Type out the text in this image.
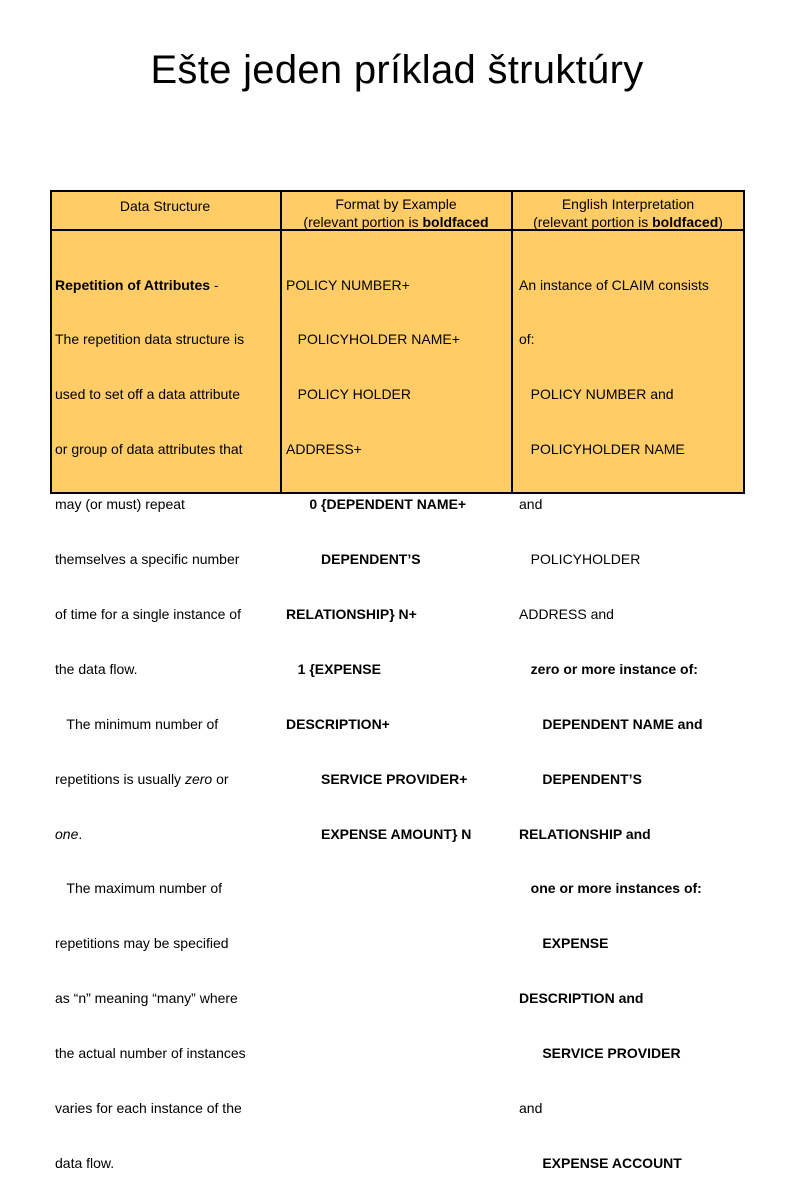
Ešte jeden príklad štruktúry
Data Structure	Format by Example
(relevant portion is boldfaced
English Interpretation
(relevant portion is boldfaced)

Repetition of Attributes -

The repetition data structure is

used to set off a data attribute

or group of data attributes that

may (or must) repeat

themselves a specific number

of time for a single instance of

the data flow.

The minimum number of

repetitions is usually zero or

one.

The maximum number of

repetitions may be specified

as “n” meaning “many” where

the actual number of instances

varies for each instance of the

data flow.

POLICY NUMBER+

POLICYHOLDER NAME+

POLICY HOLDER

ADDRESS+

0 {DEPENDENT NAME+

DEPENDENT’S

RELATIONSHIP} N+

1 {EXPENSE

DESCRIPTION+

SERVICE PROVIDER+

EXPENSE AMOUNT} N

An instance of CLAIM consists

of:

POLICY NUMBER and

POLICYHOLDER NAME

and

POLICYHOLDER

ADDRESS and

zero or more instance of:

DEPENDENT NAME and

DEPENDENT’S

RELATIONSHIP and

one or more instances of:

EXPENSE

DESCRIPTION and

SERVICE PROVIDER

and

EXPENSE ACCOUNT
